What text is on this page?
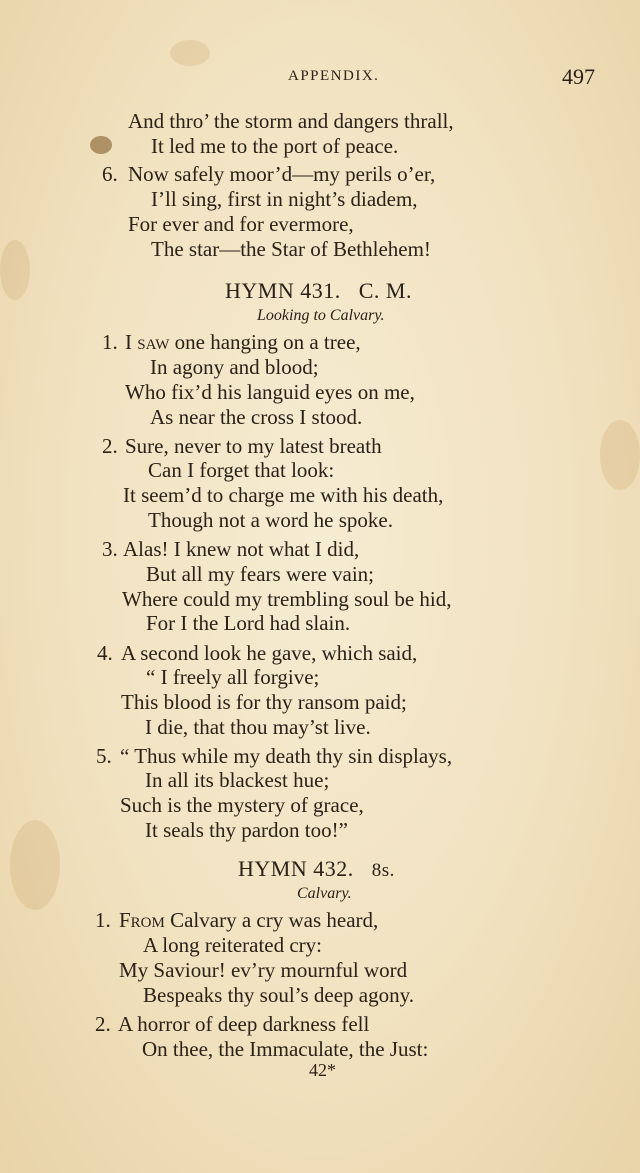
APPENDIX.	497
And thro’ the storm and dangers thrall,
It led me to the port of peace.
6. Now safely moor’d—my perils o’er,
I’ll sing, first in night’s diadem,
For ever and for evermore,
The star—the Star of Bethlehem!
HYMN 431. C. M.
Looking to Calvary.
1. I saw one hanging on a tree,
In agony and blood;
Who fix’d his languid eyes on me,
As near the cross I stood.
2. Sure, never to my latest breath
Can I forget that look:
It seem’d to charge me with his death,
Though not a word he spoke.
3. Alas! I knew not what I did,
But all my fears were vain;
Where could my trembling soul be hid,
For I the Lord had slain.
4. A second look he gave, which said,
“ I freely all forgive;
This blood is for thy ransom paid;
I die, that thou may’st live.
5. “ Thus while my death thy sin displays,
In all its blackest hue;
Such is the mystery of grace,
It seals thy pardon too!”
HYMN 432. 8s.
Calvary.
1. From Calvary a cry was heard,
A long reiterated cry:
My Saviour! ev’ry mournful word
Bespeaks thy soul’s deep agony.
2. A horror of deep darkness fell
On thee, the Immaculate, the Just:
42*
